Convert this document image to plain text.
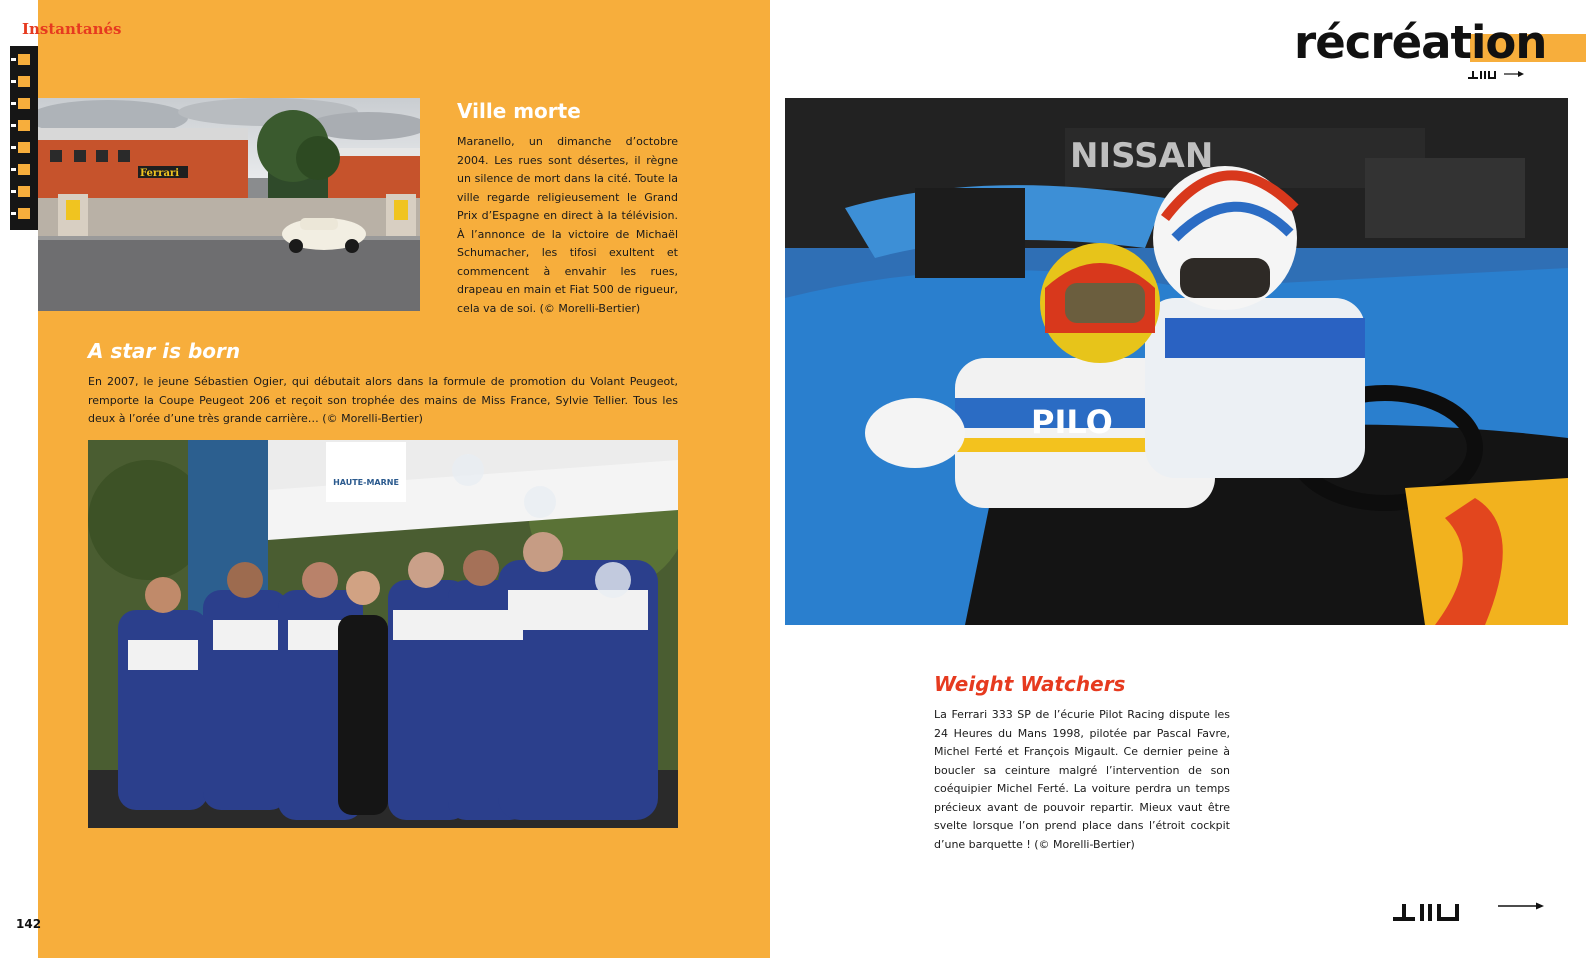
Instantanés
Ferrari
Ville morte
Maranello, un dimanche d’octobre 2004. Les rues sont désertes, il règne un silence de mort dans la cité. Toute la ville regarde religieusement le Grand Prix d’Espagne en direct à la télévision. À l’annonce de la victoire de Michaël Schumacher, les tifosi exultent et commencent à envahir les rues, drapeau en main et Fiat 500 de rigueur, cela va de soi. (© Morelli-Bertier)
A star is born
En 2007, le jeune Sébastien Ogier, qui débutait alors dans la formule de promotion du Volant Peugeot, remporte la Coupe Peugeot 206 et reçoit son trophée des mains de Miss France, Sylvie Tellier. Tous les deux à l’orée d’une très grande carrière… (© Morelli-Bertier)
HAUTE-MARNE
142
récréation
NISSAN
PILO
Weight Watchers
La Ferrari 333 SP de l’écurie Pilot Racing dispute les 24 Heures du Mans 1998, pilotée par Pascal Favre, Michel Ferté et François Migault. Ce dernier peine à boucler sa ceinture malgré l’intervention de son coéquipier Michel Ferté. La voiture perdra un temps précieux avant de pouvoir repartir. Mieux vaut être svelte lorsque l’on prend place dans l’étroit cockpit d’une barquette ! (© Morelli-Bertier)
